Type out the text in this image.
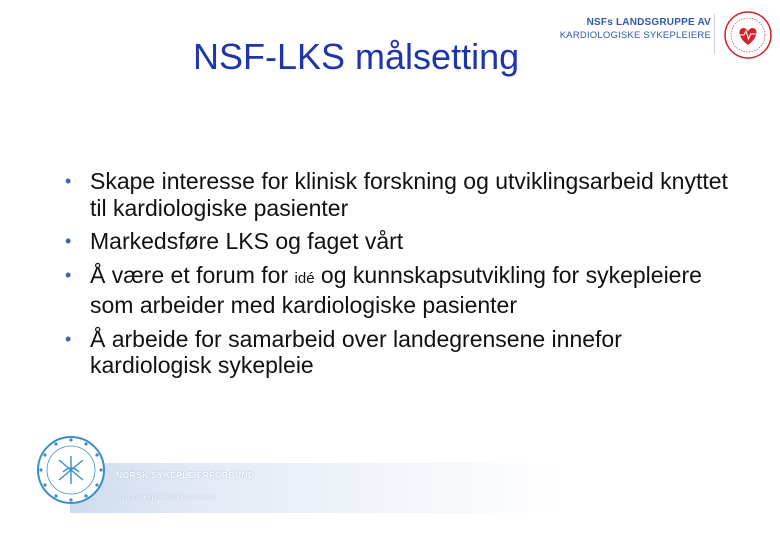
NSF-LKS målsetting
NSFs LANDSGRUPPE AV
KARDIOLOGISKE SYKEPLEIERE
• Skape interesse for klinisk forskning og utviklingsarbeid knyttet til kardiologiske pasienter
• Markedsføre LKS og faget vårt
• Å være et forum for idé og kunnskapsutvikling for sykepleiere som arbeider med kardiologiske pasienter
• Å arbeide for samarbeid over landegrensene innefor kardiologisk sykepleie
NORSK SYKEPLEIERFORBUND
www.sykepleierforbundet.no
